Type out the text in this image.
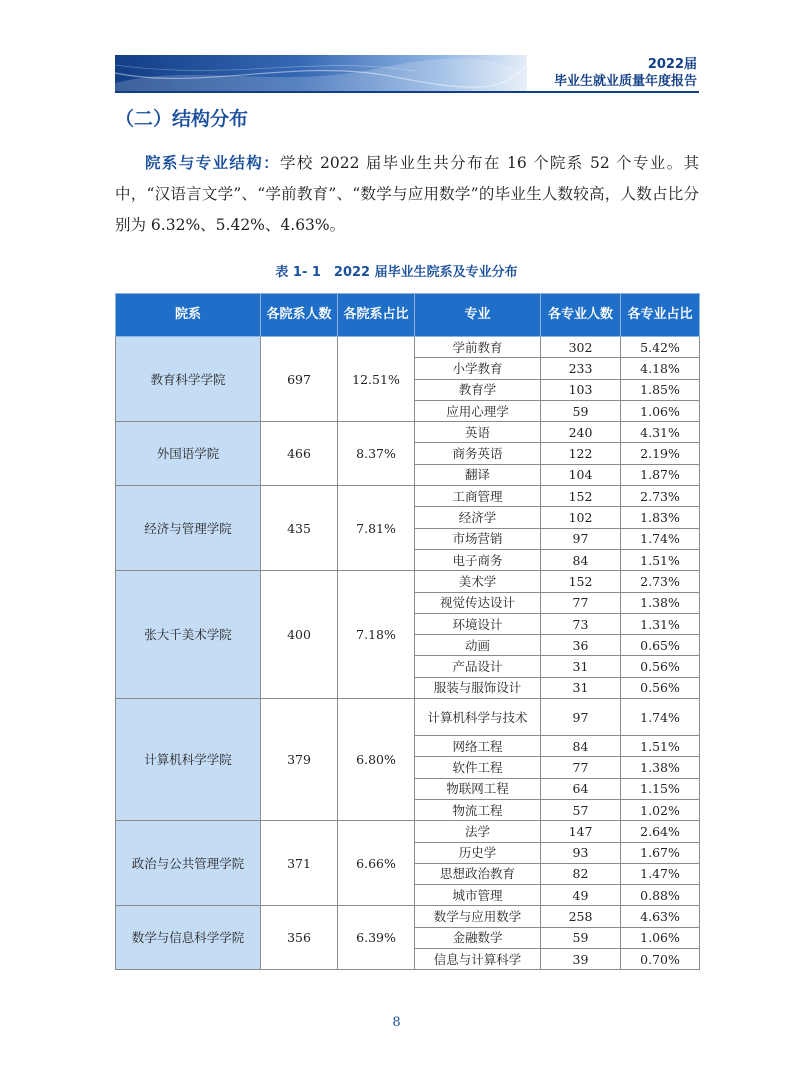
2022届
毕业生就业质量年度报告
（二）结构分布

院系与专业结构：学校 2022 届毕业生共分布在 16 个院系 52 个专业。其中，“汉语言文学”、“学前教育”、“数学与应用数学”的毕业生人数较高，人数占比分别为 6.32%、5.42%、4.63%。

表 1- 1　2022 届毕业生院系及专业分布
院系	各院系人数	各院系占比	专业	各专业人数	各专业占比
教育科学学院	697	12.51%	学前教育	302	5.42%
			小学教育	233	4.18%
			教育学	103	1.85%
			应用心理学	59	1.06%
外国语学院	466	8.37%	英语	240	4.31%
			商务英语	122	2.19%
			翻译	104	1.87%
经济与管理学院	435	7.81%	工商管理	152	2.73%
			经济学	102	1.83%
			市场营销	97	1.74%
			电子商务	84	1.51%
张大千美术学院	400	7.18%	美术学	152	2.73%
			视觉传达设计	77	1.38%
			环境设计	73	1.31%
			动画	36	0.65%
			产品设计	31	0.56%
			服装与服饰设计	31	0.56%
计算机科学学院	379	6.80%	计算机科学与技术	97	1.74%
			网络工程	84	1.51%
			软件工程	77	1.38%
			物联网工程	64	1.15%
			物流工程	57	1.02%
政治与公共管理学院	371	6.66%	法学	147	2.64%
			历史学	93	1.67%
			思想政治教育	82	1.47%
			城市管理	49	0.88%
数学与信息科学学院	356	6.39%	数学与应用数学	258	4.63%
			金融数学	59	1.06%
			信息与计算科学	39	0.70%
8
